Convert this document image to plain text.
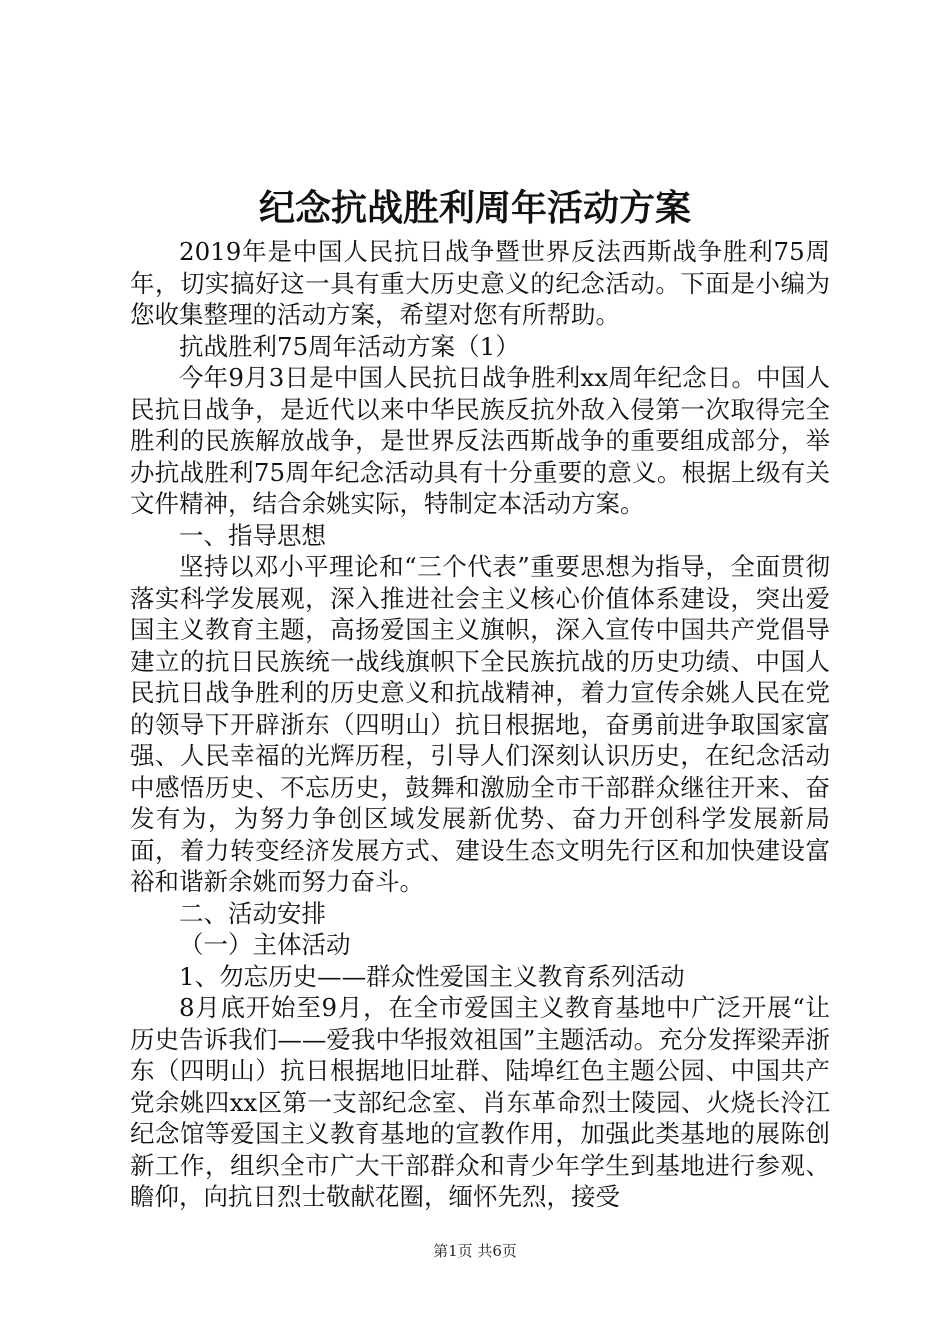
纪念抗战胜利周年活动方案

2019年是中国人民抗日战争暨世界反法西斯战争胜利75周年，切实搞好这一具有重大历史意义的纪念活动。下面是小编为您收集整理的活动方案，希望对您有所帮助。

抗战胜利75周年活动方案（1）

今年9月3日是中国人民抗日战争胜利xx周年纪念日。中国人民抗日战争，是近代以来中华民族反抗外敌入侵第一次取得完全胜利的民族解放战争，是世界反法西斯战争的重要组成部分，举办抗战胜利75周年纪念活动具有十分重要的意义。根据上级有关文件精神，结合余姚实际，特制定本活动方案。

一、指导思想

坚持以邓小平理论和“三个代表”重要思想为指导，全面贯彻落实科学发展观，深入推进社会主义核心价值体系建设，突出爱国主义教育主题，高扬爱国主义旗帜，深入宣传中国共产党倡导建立的抗日民族统一战线旗帜下全民族抗战的历史功绩、中国人民抗日战争胜利的历史意义和抗战精神，着力宣传余姚人民在党的领导下开辟浙东（四明山）抗日根据地，奋勇前进争取国家富强、人民幸福的光辉历程，引导人们深刻认识历史，在纪念活动中感悟历史、不忘历史，鼓舞和激励全市干部群众继往开来、奋发有为，为努力争创区域发展新优势、奋力开创科学发展新局面，着力转变经济发展方式、建设生态文明先行区和加快建设富裕和谐新余姚而努力奋斗。

二、活动安排

（一）主体活动

1、勿忘历史——群众性爱国主义教育系列活动

8月底开始至9月，在全市爱国主义教育基地中广泛开展“让历史告诉我们——爱我中华报效祖国”主题活动。充分发挥梁弄浙东（四明山）抗日根据地旧址群、陆埠红色主题公园、中国共产党余姚四xx区第一支部纪念室、肖东革命烈士陵园、火烧长泠江纪念馆等爱国主义教育基地的宣教作用，加强此类基地的展陈创新工作，组织全市广大干部群众和青少年学生到基地进行参观、瞻仰，向抗日烈士敬献花圈，缅怀先烈，接受

第1页 共6页
